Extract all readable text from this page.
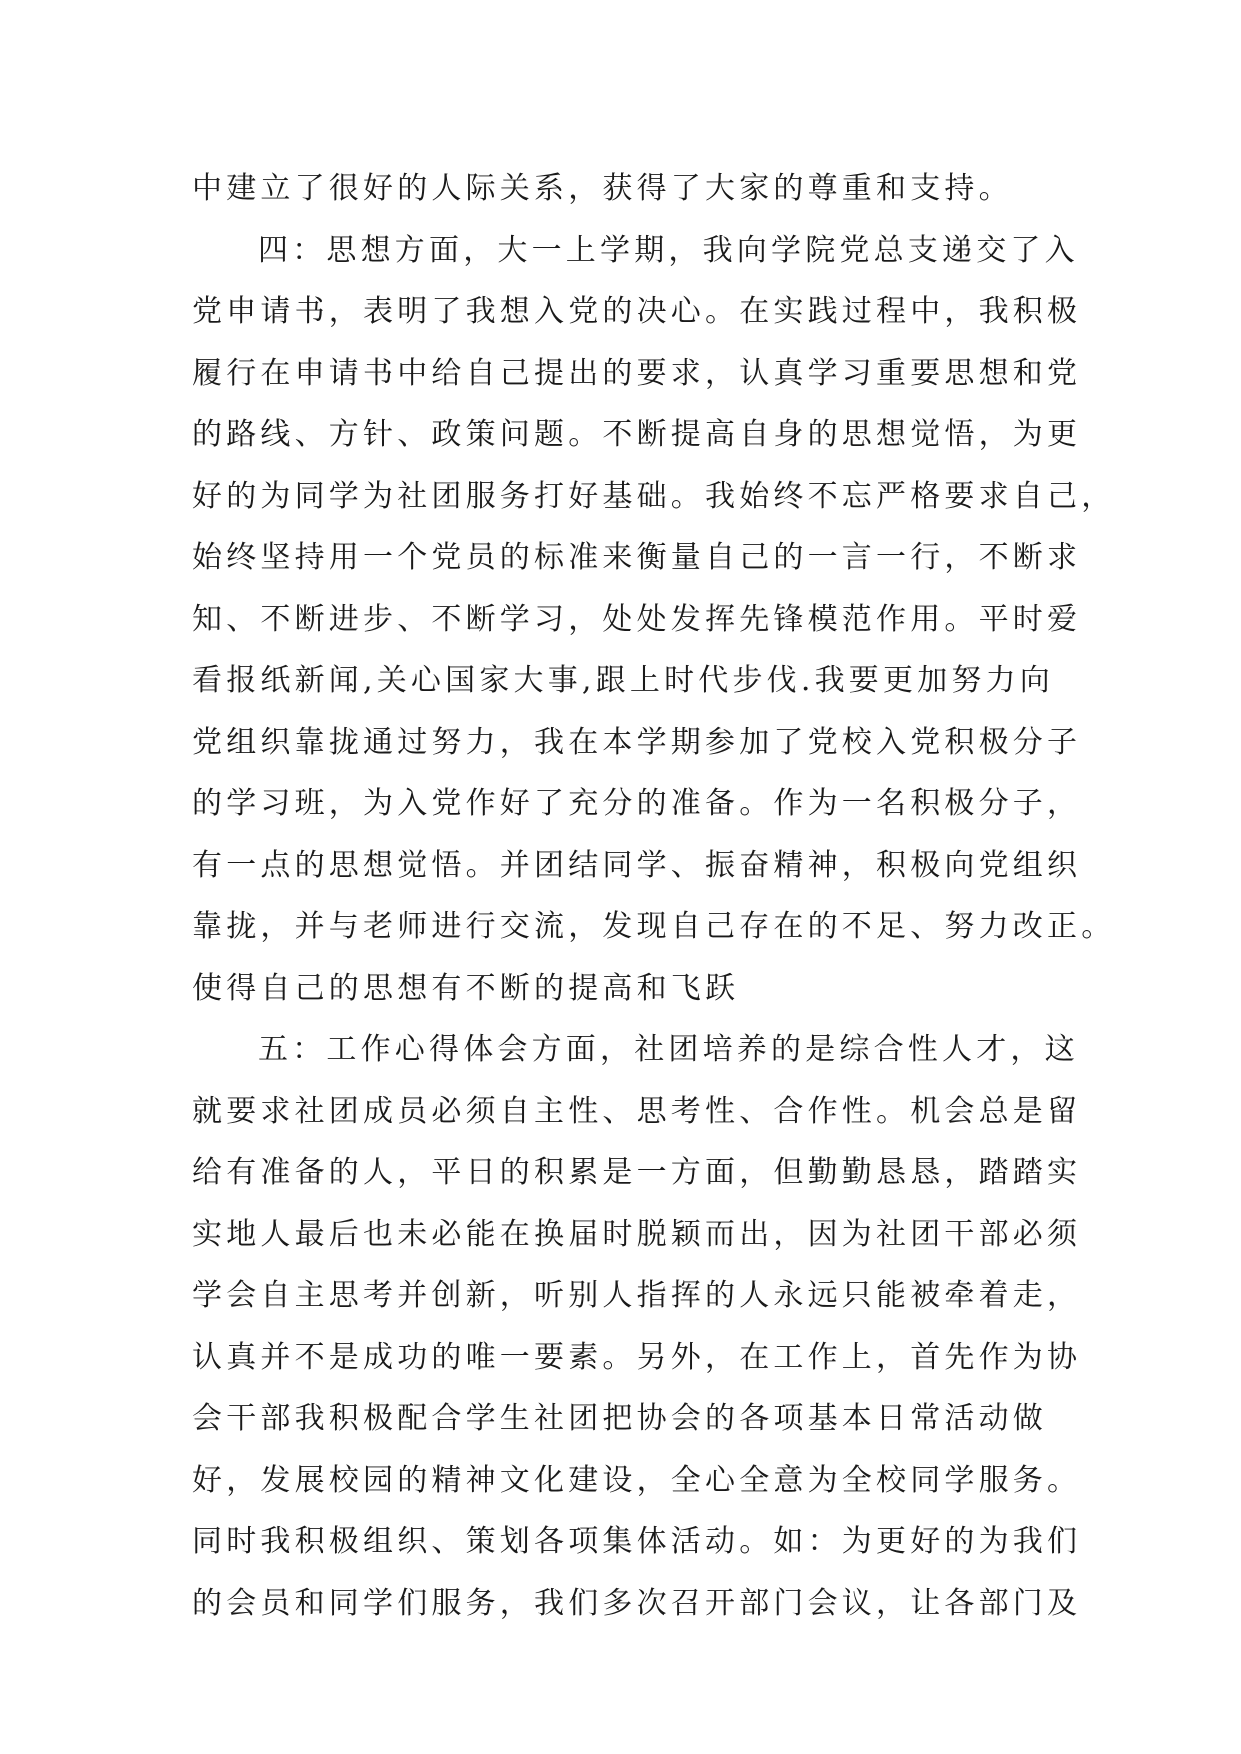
中建立了很好的人际关系，获得了大家的尊重和支持。
四：思想方面，大一上学期，我向学院党总支递交了入
党申请书，表明了我想入党的决心。在实践过程中，我积极
履行在申请书中给自己提出的要求，认真学习重要思想和党
的路线、方针、政策问题。不断提高自身的思想觉悟，为更
好的为同学为社团服务打好基础。我始终不忘严格要求自己，
始终坚持用一个党员的标准来衡量自己的一言一行，不断求
知、不断进步、不断学习，处处发挥先锋模范作用。平时爱
看报纸新闻,关心国家大事,跟上时代步伐.我要更加努力向
党组织靠拢通过努力，我在本学期参加了党校入党积极分子
的学习班，为入党作好了充分的准备。作为一名积极分子，
有一点的思想觉悟。并团结同学、振奋精神，积极向党组织
靠拢，并与老师进行交流，发现自己存在的不足、努力改正。
使得自己的思想有不断的提高和飞跃
五：工作心得体会方面，社团培养的是综合性人才，这
就要求社团成员必须自主性、思考性、合作性。机会总是留
给有准备的人，平日的积累是一方面，但勤勤恳恳，踏踏实
实地人最后也未必能在换届时脱颖而出，因为社团干部必须
学会自主思考并创新，听别人指挥的人永远只能被牵着走，
认真并不是成功的唯一要素。另外，在工作上，首先作为协
会干部我积极配合学生社团把协会的各项基本日常活动做
好，发展校园的精神文化建设，全心全意为全校同学服务。
同时我积极组织、策划各项集体活动。如：为更好的为我们
的会员和同学们服务，我们多次召开部门会议，让各部门及
